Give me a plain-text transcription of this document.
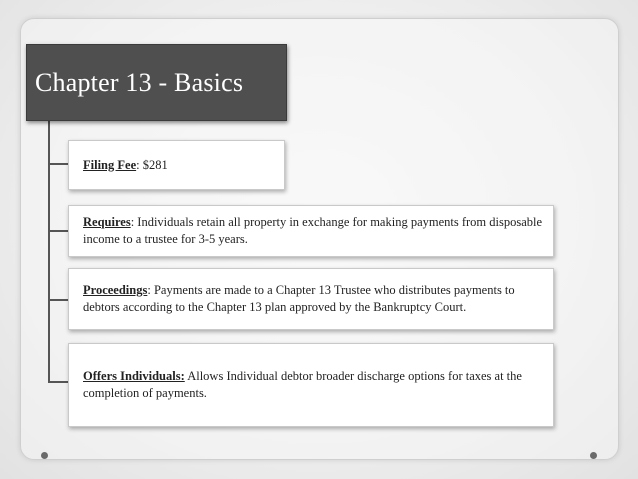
Chapter 13 - Basics

Filing Fee: $281

Requires: Individuals retain all property in exchange for making payments from disposable income to a trustee for 3-5 years.

Proceedings: Payments are made to a Chapter 13 Trustee who distributes payments to debtors according to the Chapter 13 plan approved by the Bankruptcy Court.

Offers Individuals: Allows Individual debtor broader discharge options for taxes at the completion of payments.
